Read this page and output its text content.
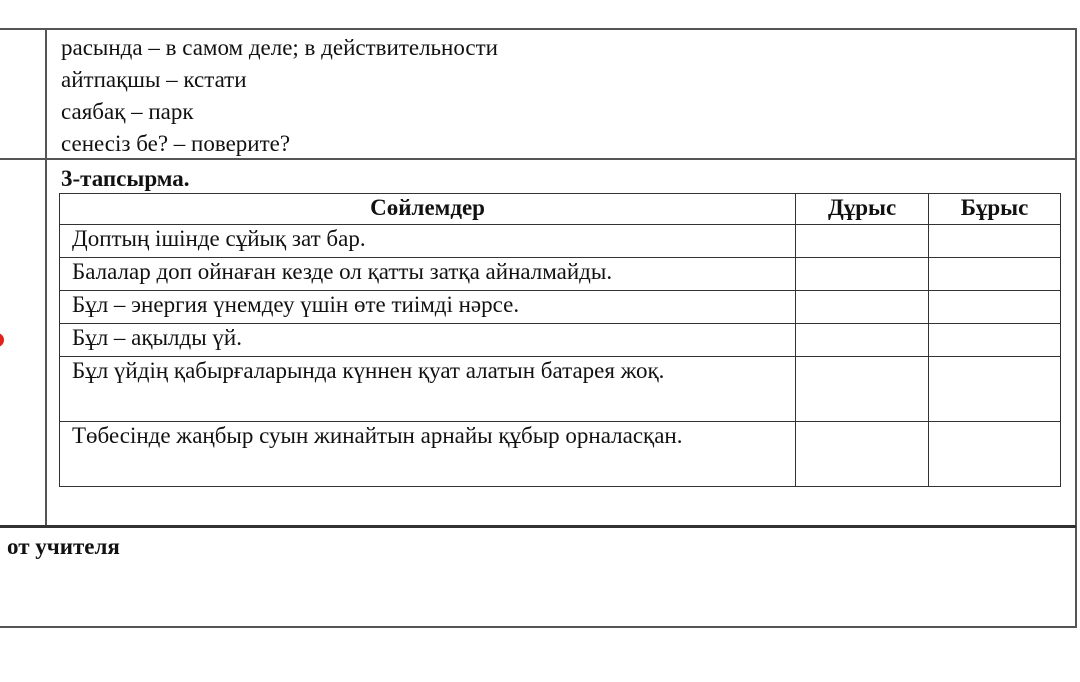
расында – в самом деле; в действительности
айтпақшы – кстати
саябақ – парк
сенесіз бе? – поверите?
3-тапсырма.
Сөйлемдер	Дұрыс	Бұрыс
Доптың ішінде сұйық зат бар.		
Балалар доп ойнаған кезде ол қатты затқа айналмайды.		
Бұл – энергия үнемдеу үшін өте тиімді нәрсе.		
Бұл – ақылды үй.		
Бұл үйдің қабырғаларында күннен қуат алатын батарея жоқ.		
Төбесінде жаңбыр суын жинайтын арнайы құбыр орналасқан.		
от учителя
